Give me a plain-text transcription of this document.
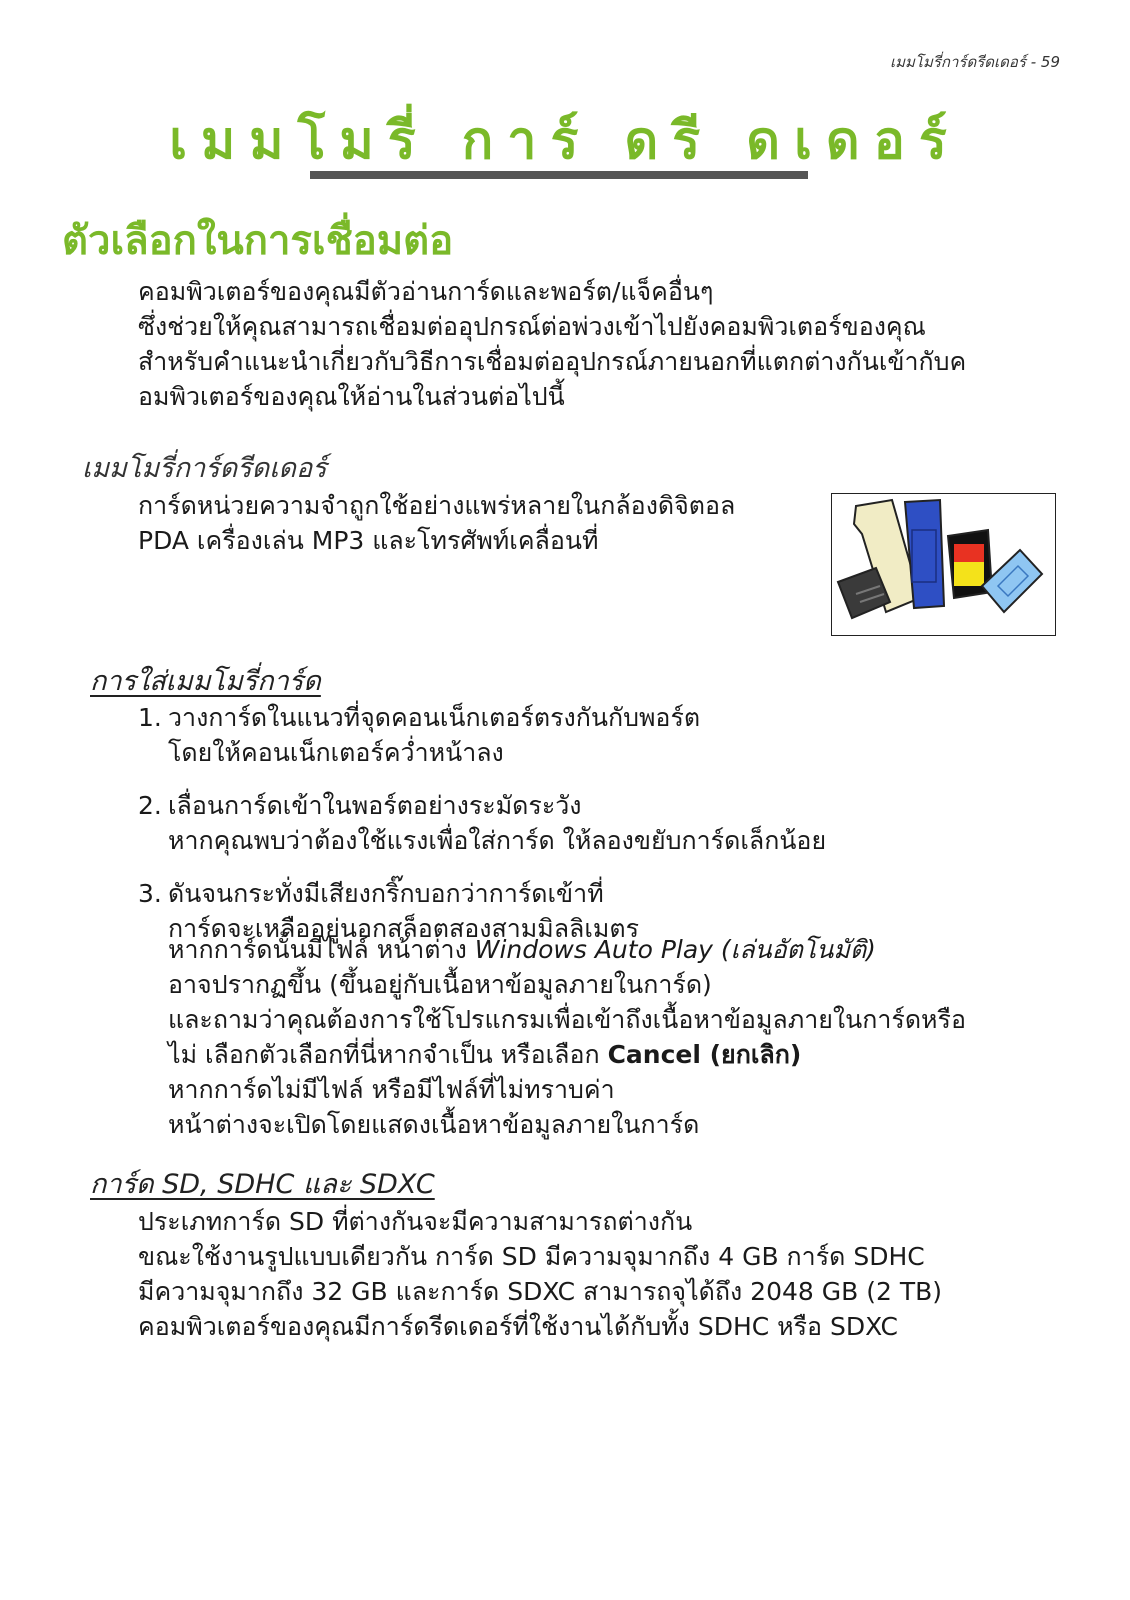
เมมโมรี่การ์ดรีดเดอร์ - 59
เมมโมรี่ การ์ ดรี ดเดอร์
ตัวเลือกในการเชื่อมต่อ
คอมพิวเตอร์ของคุณมีตัวอ่านการ์ดและพอร์ต/แจ็คอื่นๆ
ซึ่งช่วยให้คุณสามารถเชื่อมต่ออุปกรณ์ต่อพ่วงเข้าไปยังคอมพิวเตอร์ของคุณ
สำหรับคำแนะนำเกี่ยวกับวิธีการเชื่อมต่ออุปกรณ์ภายนอกที่แตกต่างกันเข้ากับค
อมพิวเตอร์ของคุณให้อ่านในส่วนต่อไปนี้
เมมโมรี่การ์ดรีดเดอร์
การ์ดหน่วยความจำถูกใช้อย่างแพร่หลายในกล้องดิจิตอล
PDA เครื่องเล่น MP3 และโทรศัพท์เคลื่อนที่
การใส่เมมโมรี่การ์ด
1. วางการ์ดในแนวที่จุดคอนเน็กเตอร์ตรงกันกับพอร์ต
โดยให้คอนเน็กเตอร์คว่ำหน้าลง
2. เลื่อนการ์ดเข้าในพอร์ตอย่างระมัดระวัง
หากคุณพบว่าต้องใช้แรงเพื่อใส่การ์ด ให้ลองขยับการ์ดเล็กน้อย
3. ดันจนกระทั่งมีเสียงกริ๊กบอกว่าการ์ดเข้าที่
การ์ดจะเหลืออยู่นอกสล็อตสองสามมิลลิเมตร
หากการ์ดนั้นมีไฟล์ หน้าต่าง Windows Auto Play (เล่นอัตโนมัติ)
อาจปรากฏขึ้น (ขึ้นอยู่กับเนื้อหาข้อมูลภายในการ์ด)
และถามว่าคุณต้องการใช้โปรแกรมเพื่อเข้าถึงเนื้อหาข้อมูลภายในการ์ดหรือ
ไม่ เลือกตัวเลือกที่นี่หากจำเป็น หรือเลือก Cancel (ยกเลิก)
หากการ์ดไม่มีไฟล์ หรือมีไฟล์ที่ไม่ทราบค่า
หน้าต่างจะเปิดโดยแสดงเนื้อหาข้อมูลภายในการ์ด
การ์ด SD, SDHC และ SDXC
ประเภทการ์ด SD ที่ต่างกันจะมีความสามารถต่างกัน
ขณะใช้งานรูปแบบเดียวกัน การ์ด SD มีความจุมากถึง 4 GB การ์ด SDHC
มีความจุมากถึง 32 GB และการ์ด SDXC สามารถจุได้ถึง 2048 GB (2 TB)
คอมพิวเตอร์ของคุณมีการ์ดรีดเดอร์ที่ใช้งานได้กับทั้ง SDHC หรือ SDXC
